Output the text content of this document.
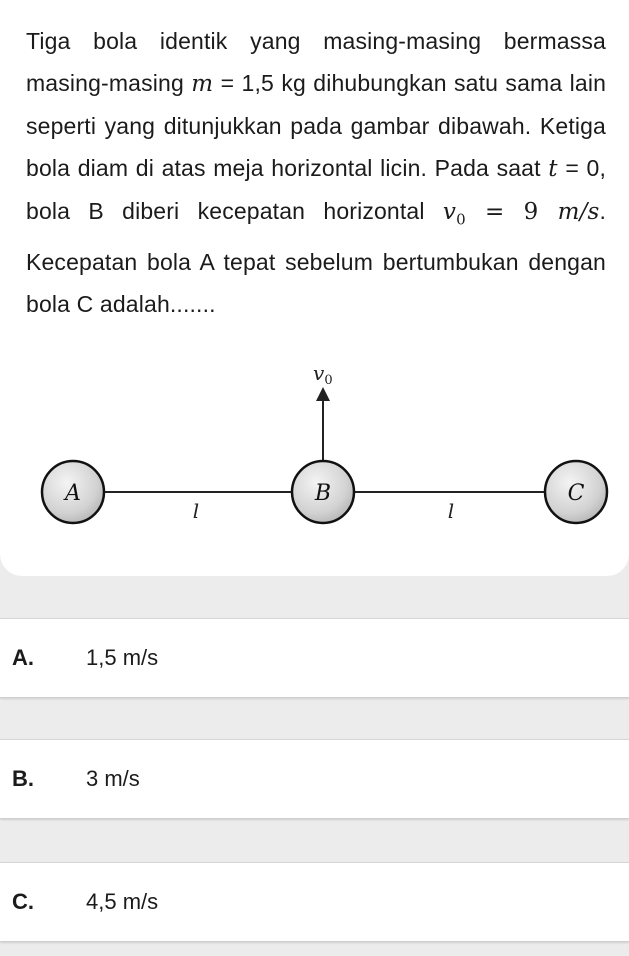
Tiga bola identik yang masing-masing bermassa masing-masing m = 1,5 kg dihubungkan satu sama lain seperti yang ditunjukkan pada gambar dibawah. Ketiga bola diam di atas meja horizontal licin. Pada saat t = 0, bola B diberi kecepatan horizontal $v_0 = 9$ m/s. Kecepatan bola A tepat sebelum bertumbukan dengan bola C adalah.......
$v_0$
A	B	C
l	l
A. 1,5 m/s
B. 3 m/s
C. 4,5 m/s
